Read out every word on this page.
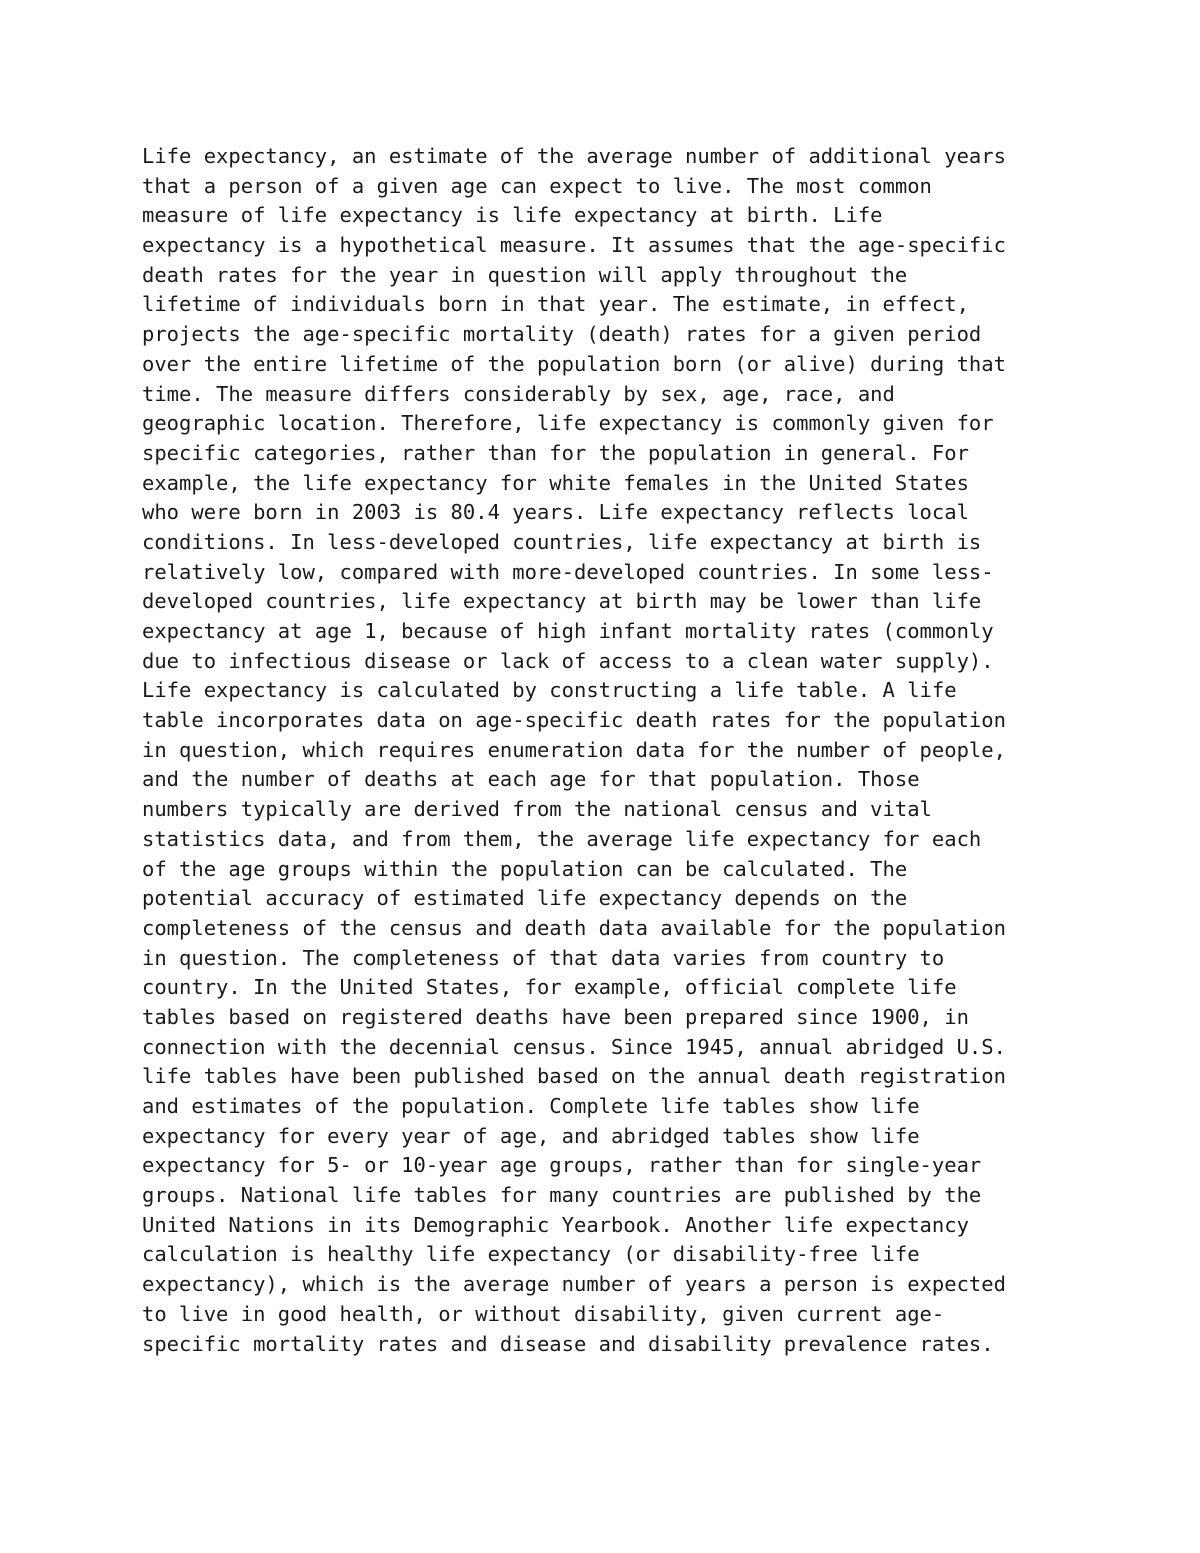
Life expectancy, an estimate of the average number of additional years
that a person of a given age can expect to live. The most common
measure of life expectancy is life expectancy at birth. Life
expectancy is a hypothetical measure. It assumes that the age-specific
death rates for the year in question will apply throughout the
lifetime of individuals born in that year. The estimate, in effect,
projects the age-specific mortality (death) rates for a given period
over the entire lifetime of the population born (or alive) during that
time. The measure differs considerably by sex, age, race, and
geographic location. Therefore, life expectancy is commonly given for
specific categories, rather than for the population in general. For
example, the life expectancy for white females in the United States
who were born in 2003 is 80.4 years. Life expectancy reflects local
conditions. In less-developed countries, life expectancy at birth is
relatively low, compared with more-developed countries. In some less-
developed countries, life expectancy at birth may be lower than life
expectancy at age 1, because of high infant mortality rates (commonly
due to infectious disease or lack of access to a clean water supply).
Life expectancy is calculated by constructing a life table. A life
table incorporates data on age-specific death rates for the population
in question, which requires enumeration data for the number of people,
and the number of deaths at each age for that population. Those
numbers typically are derived from the national census and vital
statistics data, and from them, the average life expectancy for each
of the age groups within the population can be calculated. The
potential accuracy of estimated life expectancy depends on the
completeness of the census and death data available for the population
in question. The completeness of that data varies from country to
country. In the United States, for example, official complete life
tables based on registered deaths have been prepared since 1900, in
connection with the decennial census. Since 1945, annual abridged U.S.
life tables have been published based on the annual death registration
and estimates of the population. Complete life tables show life
expectancy for every year of age, and abridged tables show life
expectancy for 5- or 10-year age groups, rather than for single-year
groups. National life tables for many countries are published by the
United Nations in its Demographic Yearbook. Another life expectancy
calculation is healthy life expectancy (or disability-free life
expectancy), which is the average number of years a person is expected
to live in good health, or without disability, given current age-
specific mortality rates and disease and disability prevalence rates.
